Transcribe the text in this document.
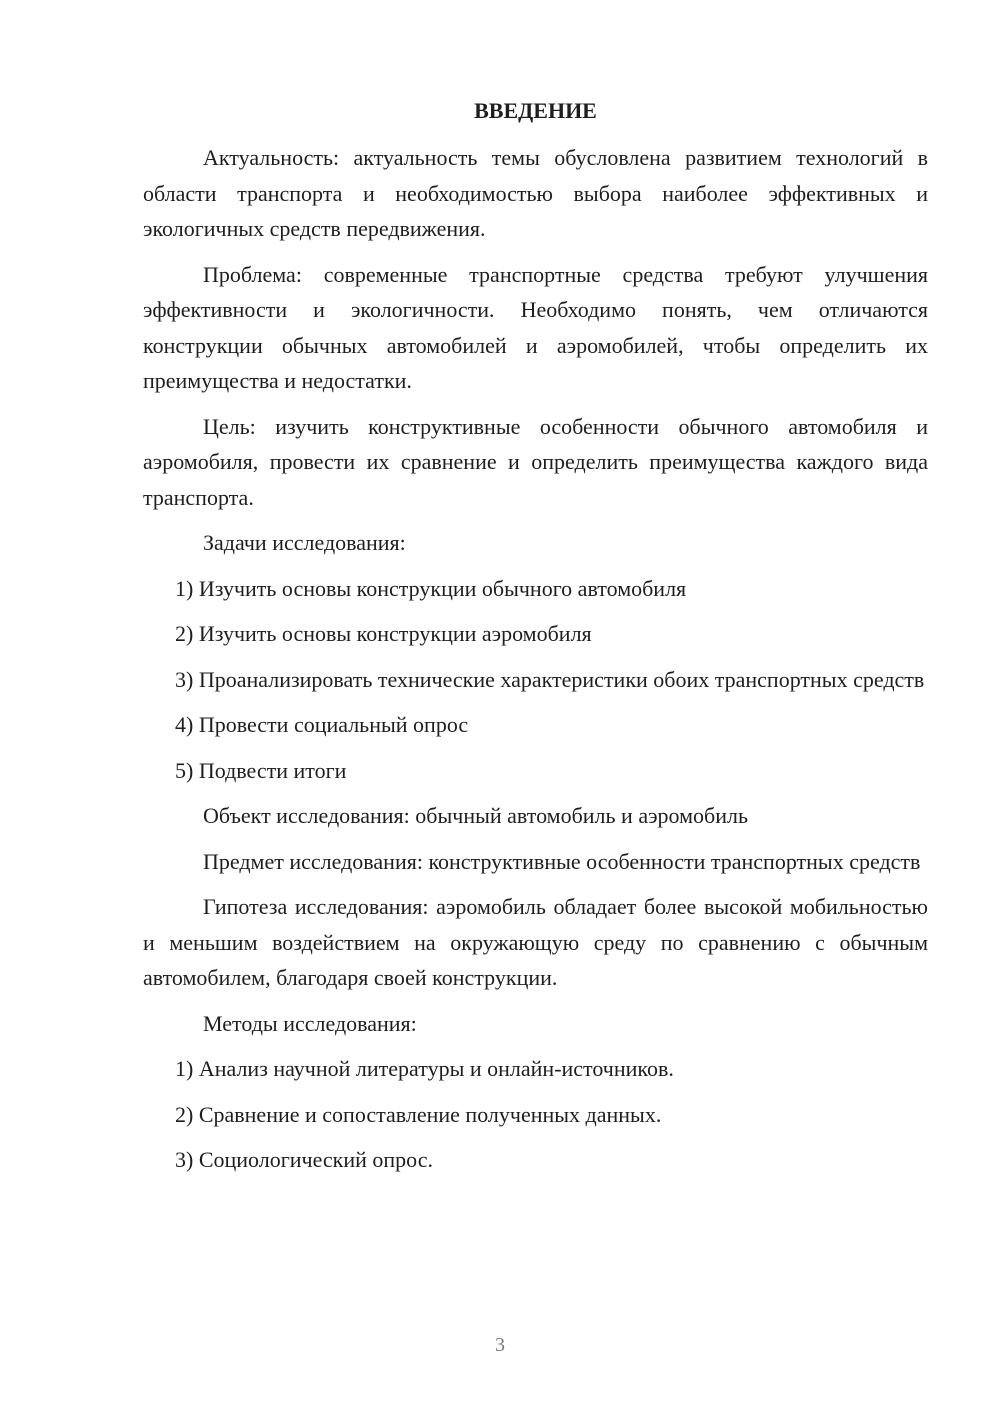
ВВЕДЕНИЕ

Актуальность: актуальность темы обусловлена развитием технологий в области транспорта и необходимостью выбора наиболее эффективных и экологичных средств передвижения.

Проблема: современные транспортные средства требуют улучшения эффективности и экологичности. Необходимо понять, чем отличаются конструкции обычных автомобилей и аэромобилей, чтобы определить их преимущества и недостатки.

Цель: изучить конструктивные особенности обычного автомобиля и аэромобиля, провести их сравнение и определить преимущества каждого вида транспорта.

Задачи исследования:

1) Изучить основы конструкции обычного автомобиля

2) Изучить основы конструкции аэромобиля

3) Проанализировать технические характеристики обоих транспортных средств

4) Провести социальный опрос

5) Подвести итоги

Объект исследования: обычный автомобиль и аэромобиль

Предмет исследования: конструктивные особенности транспортных средств

Гипотеза исследования: аэромобиль обладает более высокой мобильностью и меньшим воздействием на окружающую среду по сравнению с обычным автомобилем, благодаря своей конструкции.

Методы исследования:

1) Анализ научной литературы и онлайн-источников.

2) Сравнение и сопоставление полученных данных.

3) Социологический опрос.

3
